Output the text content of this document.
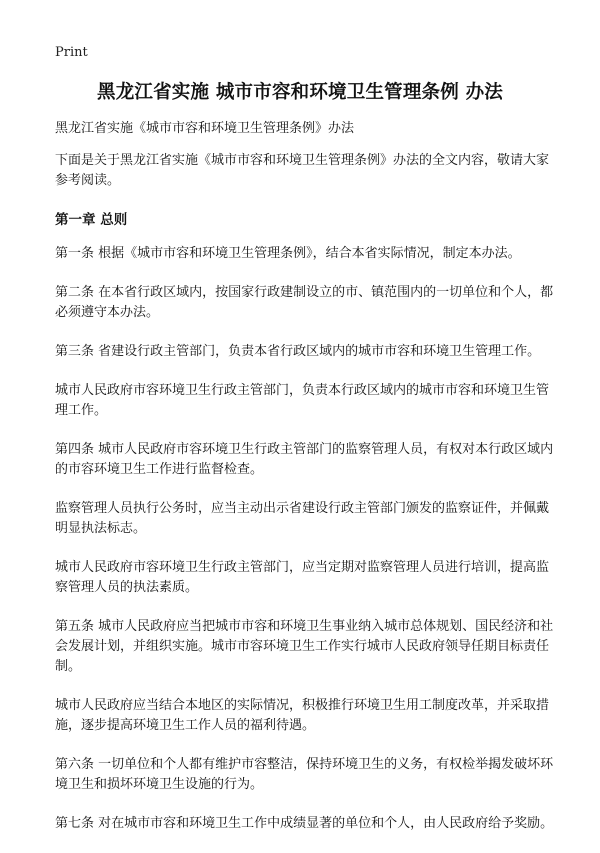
Print
黑龙江省实施 城市市容和环境卫生管理条例 办法

黑龙江省实施《城市市容和环境卫生管理条例》办法

下面是关于黑龙江省实施《城市市容和环境卫生管理条例》办法的全文内容，敬请大家参考阅读。

第一章 总则

第一条 根据《城市市容和环境卫生管理条例》，结合本省实际情况，制定本办法。

第二条 在本省行政区域内，按国家行政建制设立的市、镇范围内的一切单位和个人，都必须遵守本办法。

第三条 省建设行政主管部门，负责本省行政区域内的城市市容和环境卫生管理工作。

城市人民政府市容环境卫生行政主管部门，负责本行政区域内的城市市容和环境卫生管理工作。

第四条 城市人民政府市容环境卫生行政主管部门的监察管理人员，有权对本行政区域内的市容环境卫生工作进行监督检查。

监察管理人员执行公务时，应当主动出示省建设行政主管部门颁发的监察证件，并佩戴明显执法标志。

城市人民政府市容环境卫生行政主管部门，应当定期对监察管理人员进行培训，提高监察管理人员的执法素质。

第五条 城市人民政府应当把城市市容和环境卫生事业纳入城市总体规划、国民经济和社会发展计划，并组织实施。城市市容环境卫生工作实行城市人民政府领导任期目标责任制。

城市人民政府应当结合本地区的实际情况，积极推行环境卫生用工制度改革，并采取措施，逐步提高环境卫生工作人员的福利待遇。

第六条 一切单位和个人都有维护市容整洁，保持环境卫生的义务，有权检举揭发破坏环境卫生和损坏环境卫生设施的行为。

第七条 对在城市市容和环境卫生工作中成绩显著的单位和个人，由人民政府给予奖励。
